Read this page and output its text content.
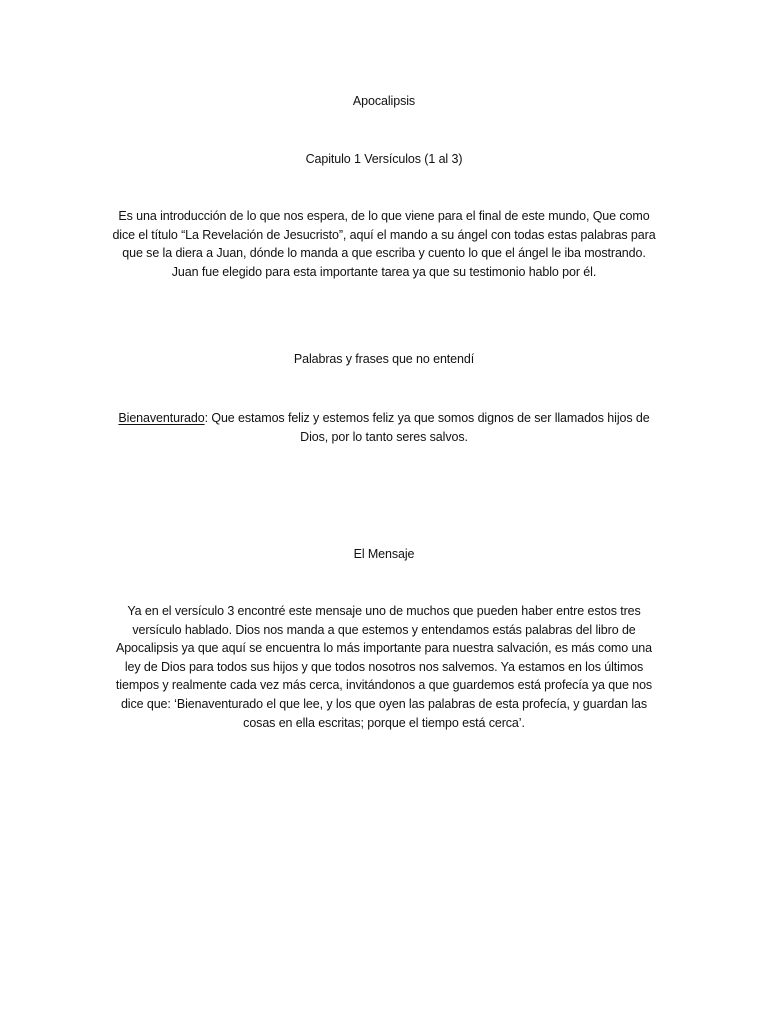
Apocalipsis
Capitulo 1 Versículos (1 al 3)
Es una introducción de lo que nos espera, de lo que viene para el final de este mundo, Que como
dice el título “La Revelación de Jesucristo”, aquí el mando a su ángel con todas estas palabras para
que se la diera a Juan, dónde lo manda a que escriba y cuento lo que el ángel le iba mostrando.
Juan fue elegido para esta importante tarea ya que su testimonio hablo por él.
Palabras y frases que no entendí
Bienaventurado: Que estamos feliz y estemos feliz ya que somos dignos de ser llamados hijos de
Dios, por lo tanto seres salvos.
El Mensaje
Ya en el versículo 3 encontré este mensaje uno de muchos que pueden haber entre estos tres
versículo hablado. Dios nos manda a que estemos y entendamos estás palabras del libro de
Apocalipsis ya que aquí se encuentra lo más importante para nuestra salvación, es más como una
ley de Dios para todos sus hijos y que todos nosotros nos salvemos. Ya estamos en los últimos
tiempos y realmente cada vez más cerca, invitándonos a que guardemos está profecía ya que nos
dice que: ‘Bienaventurado el que lee, y los que oyen las palabras de esta profecía, y guardan las
cosas en ella escritas; porque el tiempo está cerca’.
